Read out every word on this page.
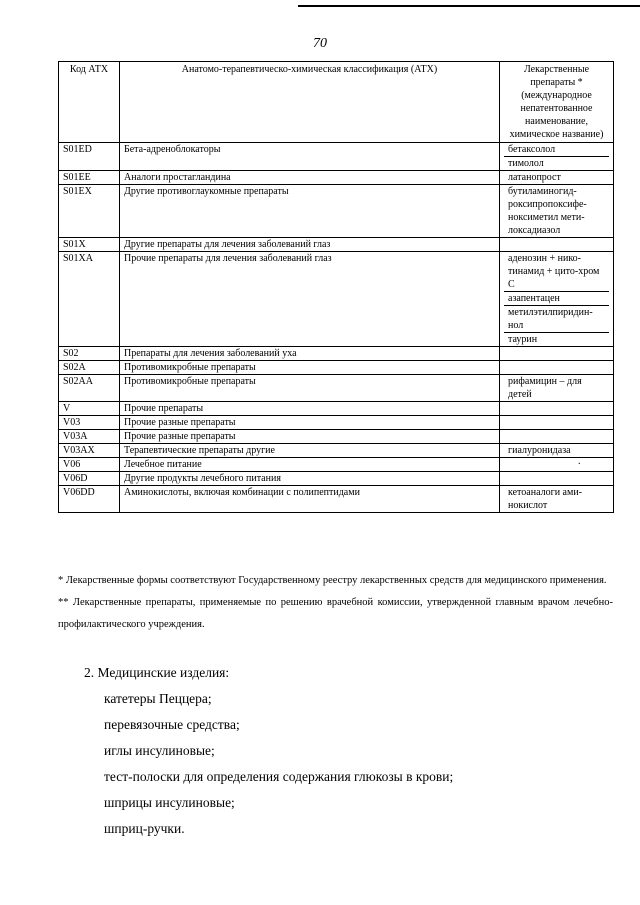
70
Код АТХ	Анатомо-терапевтическо-химическая классификация (АТХ)	Лекарственные препараты * (международное непатентованное наименование, химическое название)
S01ED	Бета-адреноблокаторы	бетаксолол
тимолол

S01EE	Аналоги простагландина	латанопрост

S01EX	Другие противоглаукомные препараты	бутиламиногид-роксипропоксифе-ноксиметил мети-локсадиазол

S01X	Другие препараты для лечения заболеваний глаз	

S01XA	Прочие препараты для лечения заболеваний глаз	аденозин + нико-тинамид + цито-хром С
азапентацен
метилэтилпиридин-нол
таурин

S02	Препараты для лечения заболеваний уха	

S02A	Противомикробные препараты	

S02AA	Противомикробные препараты	рифамицин – для детей

V	Прочие препараты	

V03	Прочие разные препараты	

V03A	Прочие разные препараты	

V03AX	Терапевтические препараты другие	гиалуронидаза

V06	Лечебное питание	·

V06D	Другие продукты лечебного питания	

V06DD	Аминокислоты, включая комбинации с полипептидами	кетоаналоги ами-нокислот

* Лекарственные формы соответствуют Государственному реестру лекарственных средств для медицинского применения.

** Лекарственные препараты, применяемые по решению врачебной комиссии, утвержденной главным врачом лечебно-профилактического учреждения.

2. Медицинские изделия:

катетеры Пеццера;
перевязочные средства;
иглы инсулиновые;
тест-полоски для определения содержания глюкозы в крови;
шприцы инсулиновые;
шприц-ручки.
